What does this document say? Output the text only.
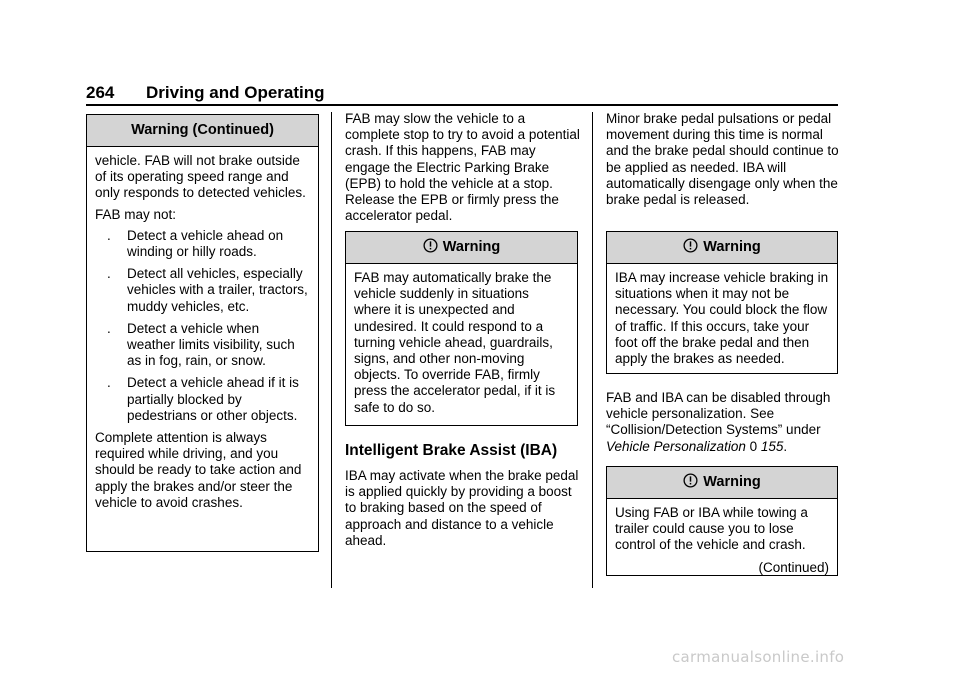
264 Driving and Operating
Warning (Continued)

vehicle. FAB will not brake outside of its operating speed range and only responds to detected vehicles.

FAB may not:

. Detect a vehicle ahead on winding or hilly roads.
. Detect all vehicles, especially vehicles with a trailer, tractors, muddy vehicles, etc.
. Detect a vehicle when weather limits visibility, such as in fog, rain, or snow.
. Detect a vehicle ahead if it is partially blocked by pedestrians or other objects.

Complete attention is always required while driving, and you should be ready to take action and apply the brakes and/or steer the vehicle to avoid crashes.

FAB may slow the vehicle to a complete stop to try to avoid a potential crash. If this happens, FAB may engage the Electric Parking Brake (EPB) to hold the vehicle at a stop. Release the EPB or firmly press the accelerator pedal.

Warning

FAB may automatically brake the vehicle suddenly in situations where it is unexpected and undesired. It could respond to a turning vehicle ahead, guardrails, signs, and other non-moving objects. To override FAB, firmly press the accelerator pedal, if it is safe to do so.

Intelligent Brake Assist (IBA)

IBA may activate when the brake pedal is applied quickly by providing a boost to braking based on the speed of approach and distance to a vehicle ahead.

Minor brake pedal pulsations or pedal movement during this time is normal and the brake pedal should continue to be applied as needed. IBA will automatically disengage only when the brake pedal is released.

Warning

IBA may increase vehicle braking in situations when it may not be necessary. You could block the flow of traffic. If this occurs, take your foot off the brake pedal and then apply the brakes as needed.

FAB and IBA can be disabled through vehicle personalization. See “Collision/Detection Systems” under Vehicle Personalization 0 155.

Warning

Using FAB or IBA while towing a trailer could cause you to lose control of the vehicle and crash.

(Continued)
carmanualsonline.info
